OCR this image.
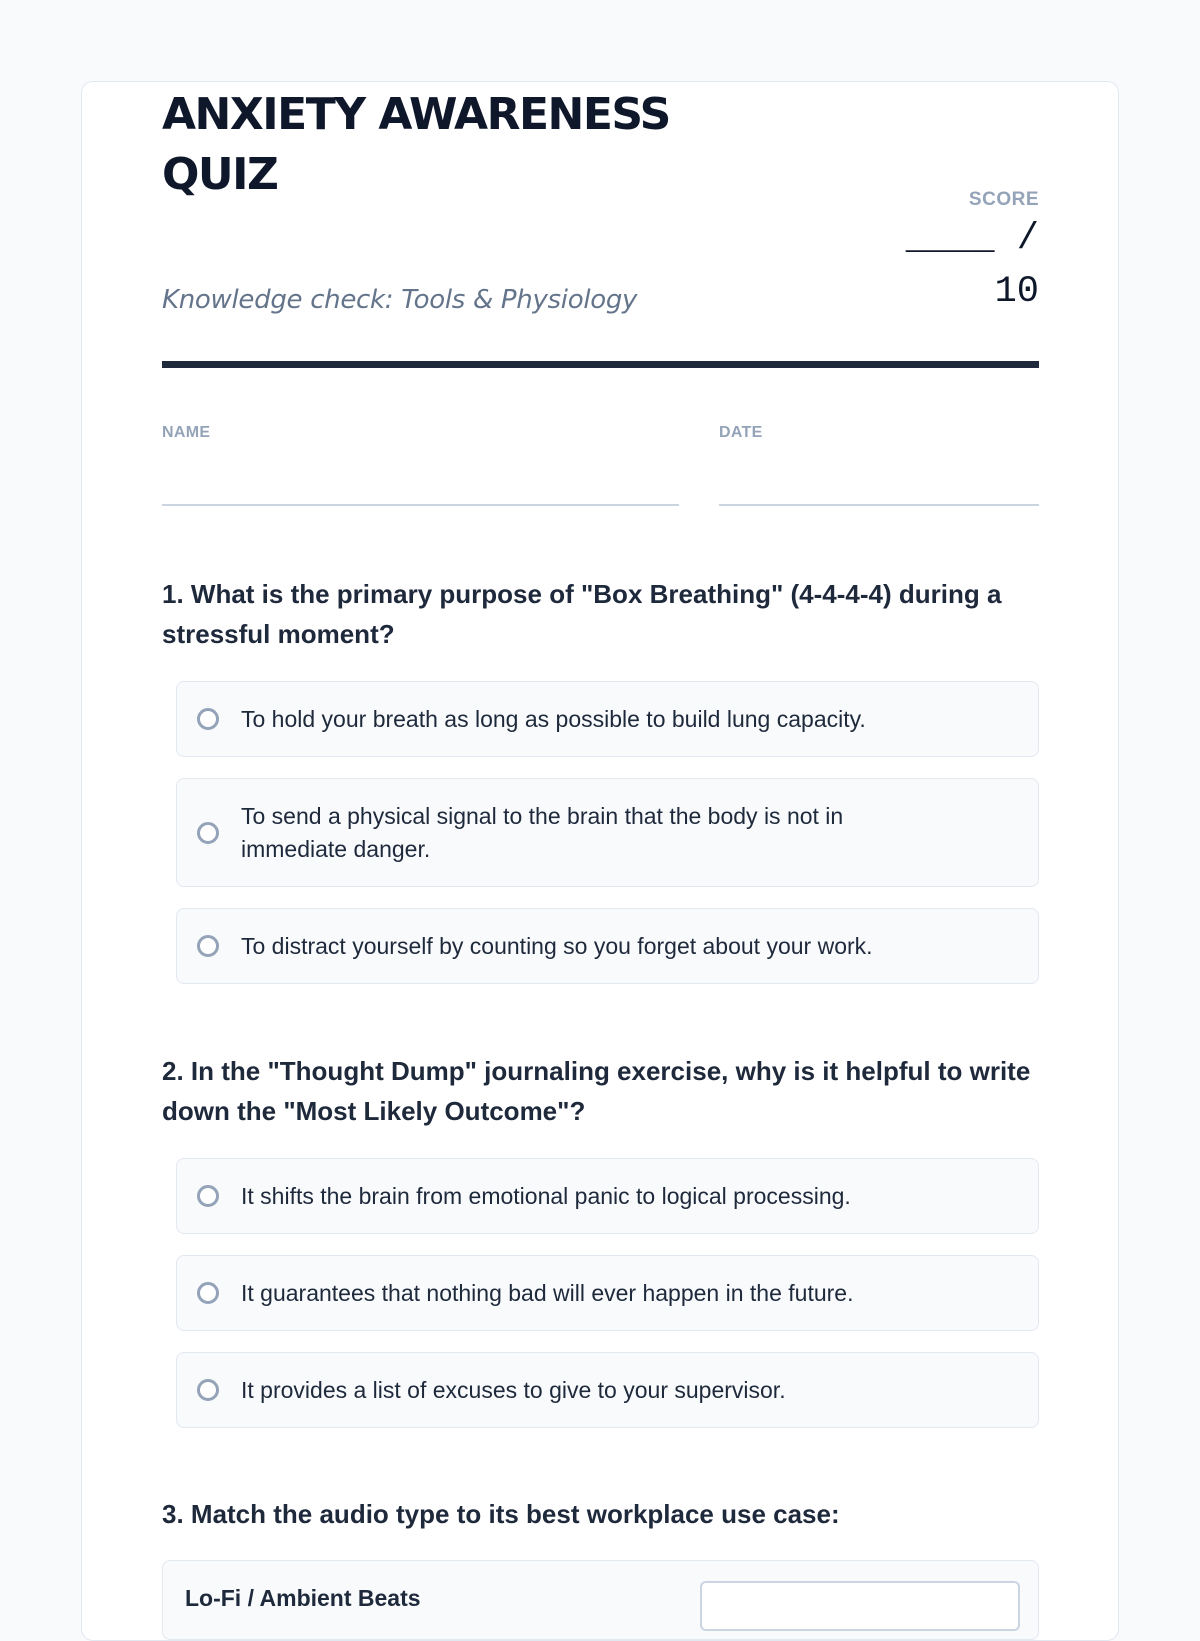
ANXIETY AWARENESS
QUIZ

Knowledge check: Tools & Physiology

SCORE
____ /
10
NAME	DATE

1. What is the primary purpose of "Box Breathing" (4-4-4-4) during a stressful moment?

To hold your breath as long as possible to build lung capacity.
To send a physical signal to the brain that the body is not in immediate danger.
To distract yourself by counting so you forget about your work.

2. In the "Thought Dump" journaling exercise, why is it helpful to write down the "Most Likely Outcome"?

It shifts the brain from emotional panic to logical processing.
It guarantees that nothing bad will ever happen in the future.
It provides a list of excuses to give to your supervisor.

3. Match the audio type to its best workplace use case:

Lo-Fi / Ambient Beats
